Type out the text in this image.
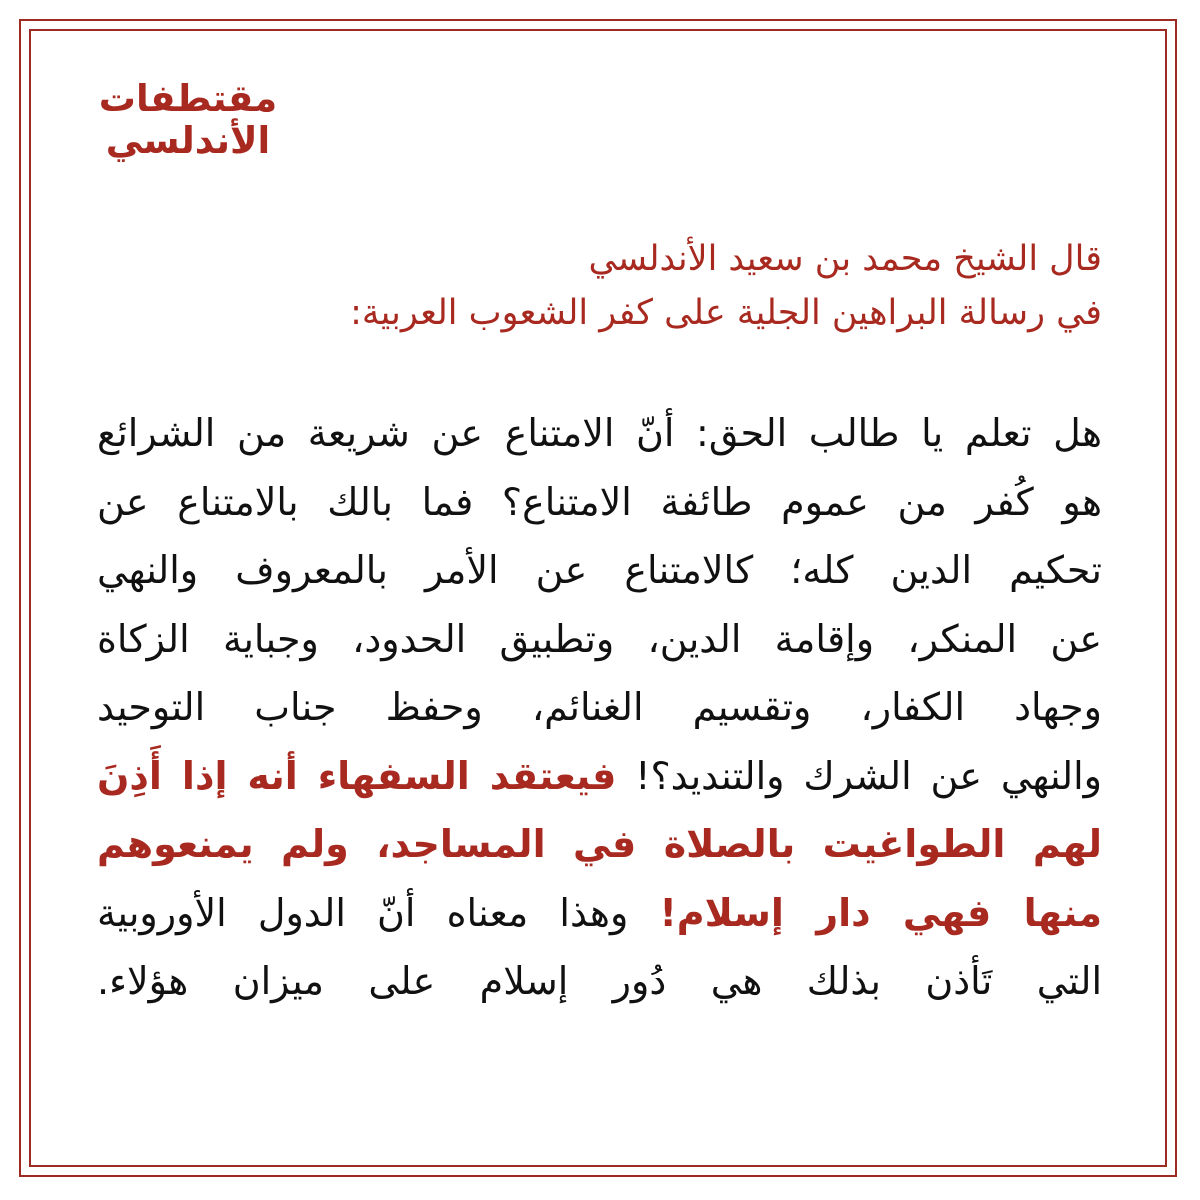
مقتطفات
الأندلسي
قال الشيخ محمد بن سعيد الأندلسي
في رسالة البراهين الجلية على كفر الشعوب العربية:
هل تعلم يا طالب الحق: أنّ الامتناع عن شريعة من الشرائع
هو كُفر من عموم طائفة الامتناع؟ فما بالك بالامتناع عن
تحكيم الدين كله؛ كالامتناع عن الأمر بالمعروف والنهي
عن المنكر، وإقامة الدين، وتطبيق الحدود، وجباية الزكاة
وجهاد الكفار، وتقسيم الغنائم، وحفظ جناب التوحيد
والنهي عن الشرك والتنديد؟! فيعتقد السفهاء أنه إذا أَذِنَ
لهم الطواغيت بالصلاة في المساجد، ولم يمنعوهم
منها فهي دار إسلام! وهذا معناه أنّ الدول الأوروبية
التي تَأذن بذلك هي دُور إسلام على ميزان هؤلاء.
